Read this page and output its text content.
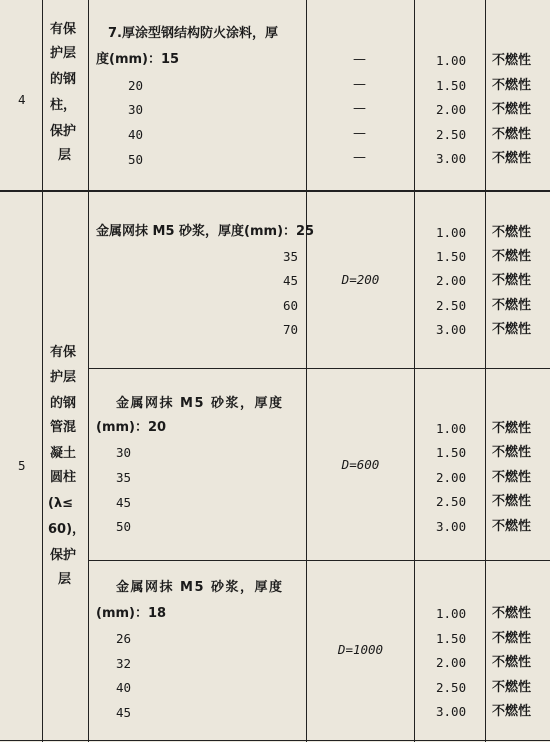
4
有保
护层
的钢
柱，
保护
层
7.厚涂型钢结构防火涂料，厚
度(mm)：15
20
30
40
50
—
—
—
—
—
1.00
1.50
2.00
2.50
3.00
不燃性
不燃性
不燃性
不燃性
不燃性
5
有保
护层
的钢
管混
凝土
圆柱
(λ≤
60)，
保护
层
金属网抹 M5 砂浆，厚度(mm)：25
35
45
60
70
D=200
1.00
1.50
2.00
2.50
3.00
不燃性
不燃性
不燃性
不燃性
不燃性
金属网抹 M5 砂浆，厚度
(mm)：20
30
35
45
50
D=600
1.00
1.50
2.00
2.50
3.00
不燃性
不燃性
不燃性
不燃性
不燃性
金属网抹 M5 砂浆，厚度
(mm)：18
26
32
40
45
D=1000
1.00
1.50
2.00
2.50
3.00
不燃性
不燃性
不燃性
不燃性
不燃性
